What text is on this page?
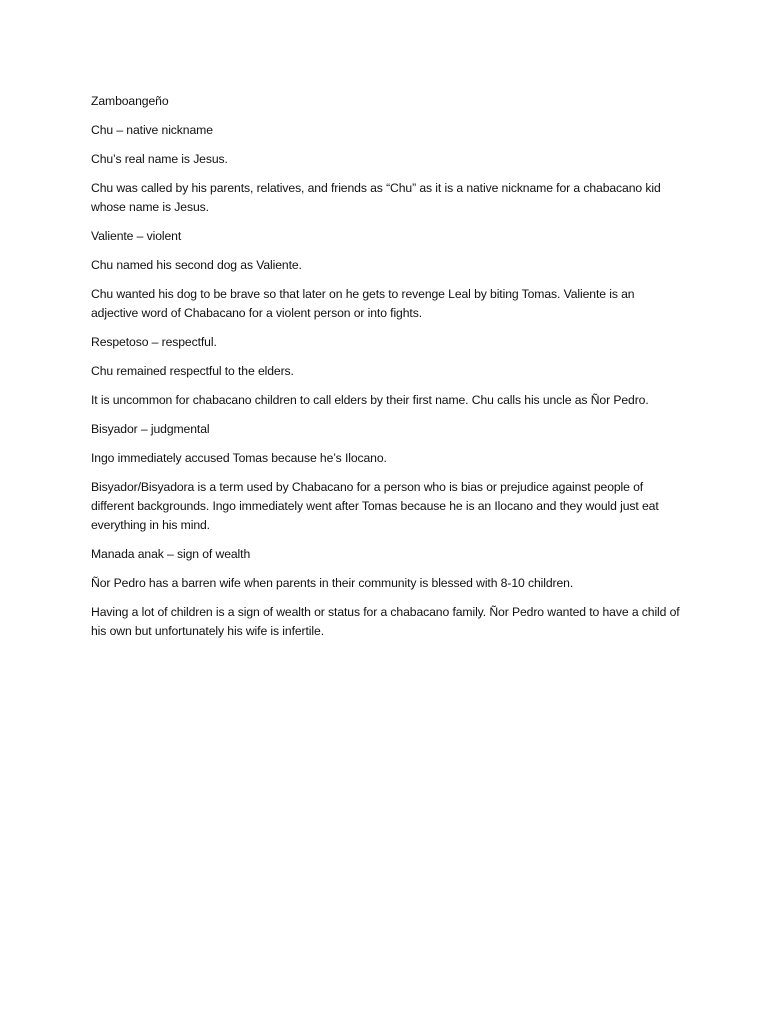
Zamboangeño

Chu – native nickname

Chu’s real name is Jesus.

Chu was called by his parents, relatives, and friends as “Chu” as it is a native nickname for a chabacano kid whose name is Jesus.

Valiente – violent

Chu named his second dog as Valiente.

Chu wanted his dog to be brave so that later on he gets to revenge Leal by biting Tomas. Valiente is an adjective word of Chabacano for a violent person or into fights.

Respetoso – respectful.

Chu remained respectful to the elders.

It is uncommon for chabacano children to call elders by their first name. Chu calls his uncle as Ñor Pedro.

Bisyador – judgmental

Ingo immediately accused Tomas because he’s Ilocano.

Bisyador/Bisyadora is a term used by Chabacano for a person who is bias or prejudice against people of different backgrounds. Ingo immediately went after Tomas because he is an Ilocano and they would just eat everything in his mind.

Manada anak – sign of wealth

Ñor Pedro has a barren wife when parents in their community is blessed with 8-10 children.

Having a lot of children is a sign of wealth or status for a chabacano family. Ñor Pedro wanted to have a child of his own but unfortunately his wife is infertile.
